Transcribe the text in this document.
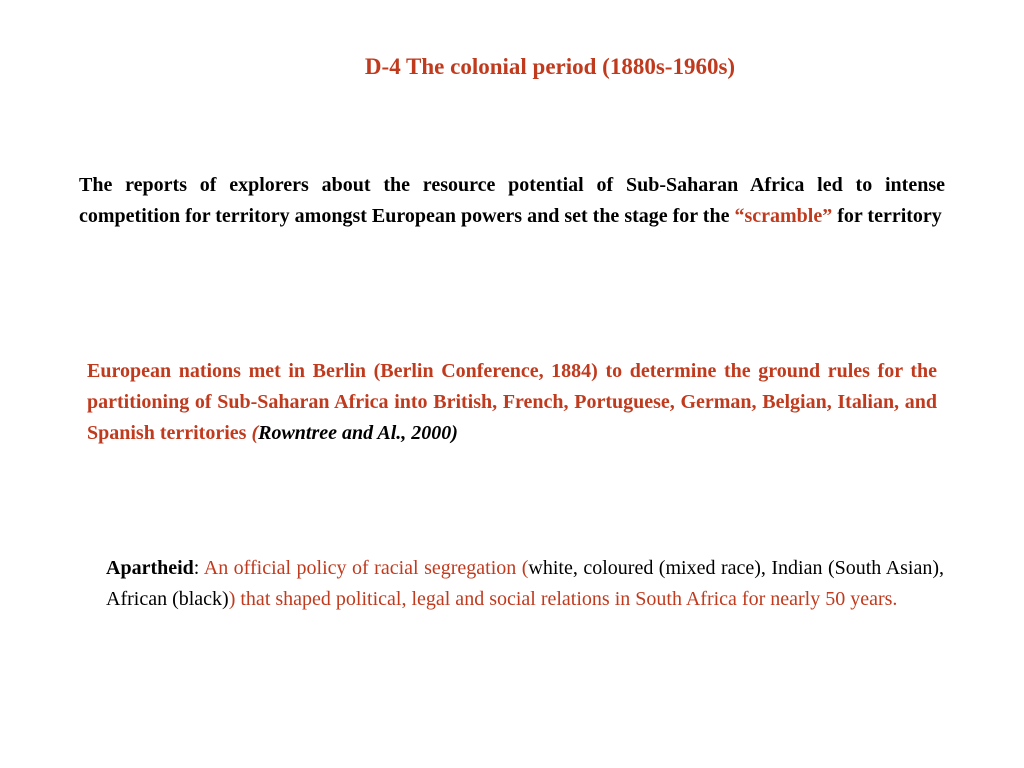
D-4 The colonial period (1880s-1960s)

The reports of explorers about the resource potential of Sub-Saharan Africa led to intense competition for territory amongst European powers and set the stage for the “scramble” for territory

European nations met in Berlin (Berlin Conference, 1884) to determine the ground rules for the partitioning of Sub-Saharan Africa into British, French, Portuguese, German, Belgian, Italian, and Spanish territories (Rowntree and Al., 2000)

Apartheid: An official policy of racial segregation (white, coloured (mixed race), Indian (South Asian), African (black)) that shaped political, legal and social relations in South Africa for nearly 50 years.
